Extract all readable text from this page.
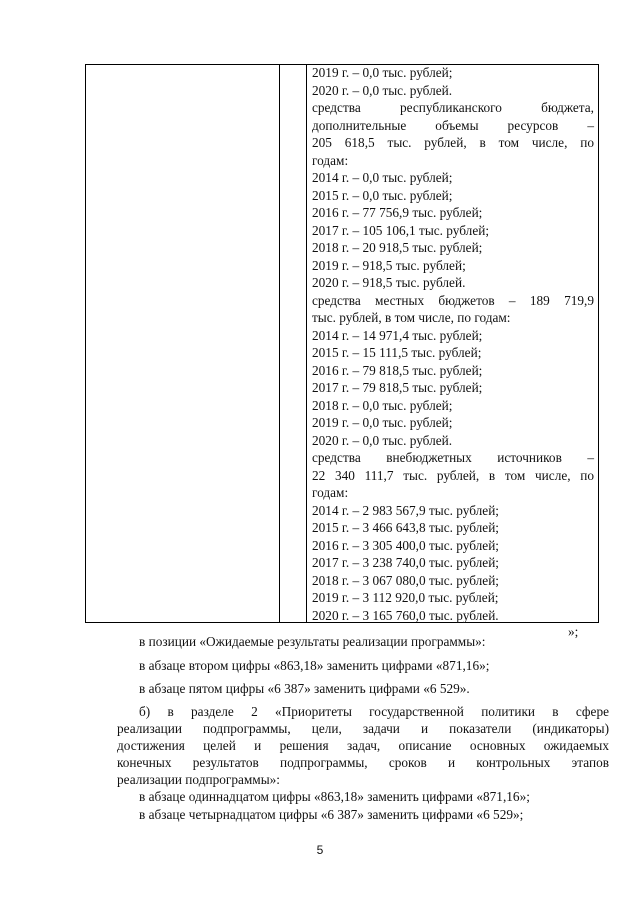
2019 г. – 0,0 тыс. рублей;
2020 г. – 0,0 тыс. рублей.
средства республиканского бюджета,
дополнительные объемы ресурсов –
205 618,5 тыс. рублей, в том числе, по
годам:
2014 г. – 0,0 тыс. рублей;
2015 г. – 0,0 тыс. рублей;
2016 г. – 77 756,9 тыс. рублей;
2017 г. – 105 106,1 тыс. рублей;
2018 г. – 20 918,5 тыс. рублей;
2019 г. – 918,5 тыс. рублей;
2020 г. – 918,5 тыс. рублей.
средства местных бюджетов – 189 719,9
тыс. рублей, в том числе, по годам:
2014 г. – 14 971,4 тыс. рублей;
2015 г. – 15 111,5 тыс. рублей;
2016 г. – 79 818,5 тыс. рублей;
2017 г. – 79 818,5 тыс. рублей;
2018 г. – 0,0 тыс. рублей;
2019 г. – 0,0 тыс. рублей;
2020 г. – 0,0 тыс. рублей.
средства внебюджетных источников –
22 340 111,7 тыс. рублей, в том числе, по
годам:
2014 г. – 2 983 567,9 тыс. рублей;
2015 г. – 3 466 643,8 тыс. рублей;
2016 г. – 3 305 400,0 тыс. рублей;
2017 г. – 3 238 740,0 тыс. рублей;
2018 г. – 3 067 080,0 тыс. рублей;
2019 г. – 3 112 920,0 тыс. рублей;
2020 г. – 3 165 760,0 тыс. рублей.
»;
в позиции «Ожидаемые результаты реализации программы»:
в абзаце втором цифры «863,18» заменить цифрами «871,16»;
в абзаце пятом цифры «6 387» заменить цифрами «6 529».
б) в разделе 2 «Приоритеты государственной политики в сфере
реализации подпрограммы, цели, задачи и показатели (индикаторы)
достижения целей и решения задач, описание основных ожидаемых
конечных результатов подпрограммы, сроков и контрольных этапов
реализации подпрограммы»:
в абзаце одиннадцатом цифры «863,18» заменить цифрами «871,16»;
в абзаце четырнадцатом цифры «6 387» заменить цифрами «6 529»;
5
